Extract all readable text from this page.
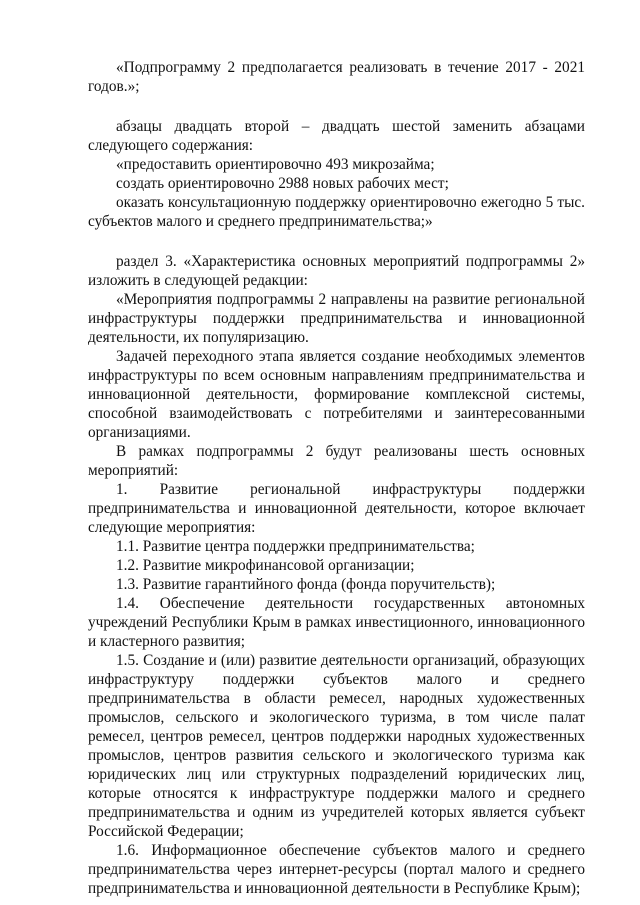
«Подпрограмму 2 предполагается реализовать в течение 2017 - 2021 годов.»;

абзацы двадцать второй – двадцать шестой заменить абзацами следующего содержания:

«предоставить ориентировочно 493 микрозайма;

создать ориентировочно 2988 новых рабочих мест;

оказать консультационную поддержку ориентировочно ежегодно 5 тыс. субъектов малого и среднего предпринимательства;»

раздел 3. «Характеристика основных мероприятий подпрограммы 2» изложить в следующей редакции:

«Мероприятия подпрограммы 2 направлены на развитие региональной инфраструктуры поддержки предпринимательства и инновационной деятельности, их популяризацию.

Задачей переходного этапа является создание необходимых элементов инфраструктуры по всем основным направлениям предпринимательства и инновационной деятельности, формирование комплексной системы, способной взаимодействовать с потребителями и заинтересованными организациями.

В рамках подпрограммы 2 будут реализованы шесть основных мероприятий:

1. Развитие региональной инфраструктуры поддержки предпринимательства и инновационной деятельности, которое включает следующие мероприятия:

1.1. Развитие центра поддержки предпринимательства;

1.2. Развитие микрофинансовой организации;

1.3. Развитие гарантийного фонда (фонда поручительств);

1.4. Обеспечение деятельности государственных автономных учреждений Республики Крым в рамках инвестиционного, инновационного и кластерного развития;

1.5. Создание и (или) развитие деятельности организаций, образующих инфраструктуру поддержки субъектов малого и среднего предпринимательства в области ремесел, народных художественных промыслов, сельского и экологического туризма, в том числе палат ремесел, центров ремесел, центров поддержки народных художественных промыслов, центров развития сельского и экологического туризма как юридических лиц или структурных подразделений юридических лиц, которые относятся к инфраструктуре поддержки малого и среднего предпринимательства и одним из учредителей которых является субъект Российской Федерации;

1.6. Информационное обеспечение субъектов малого и среднего предпринимательства через интернет-ресурсы (портал малого и среднего предпринимательства и инновационной деятельности в Республике Крым);
